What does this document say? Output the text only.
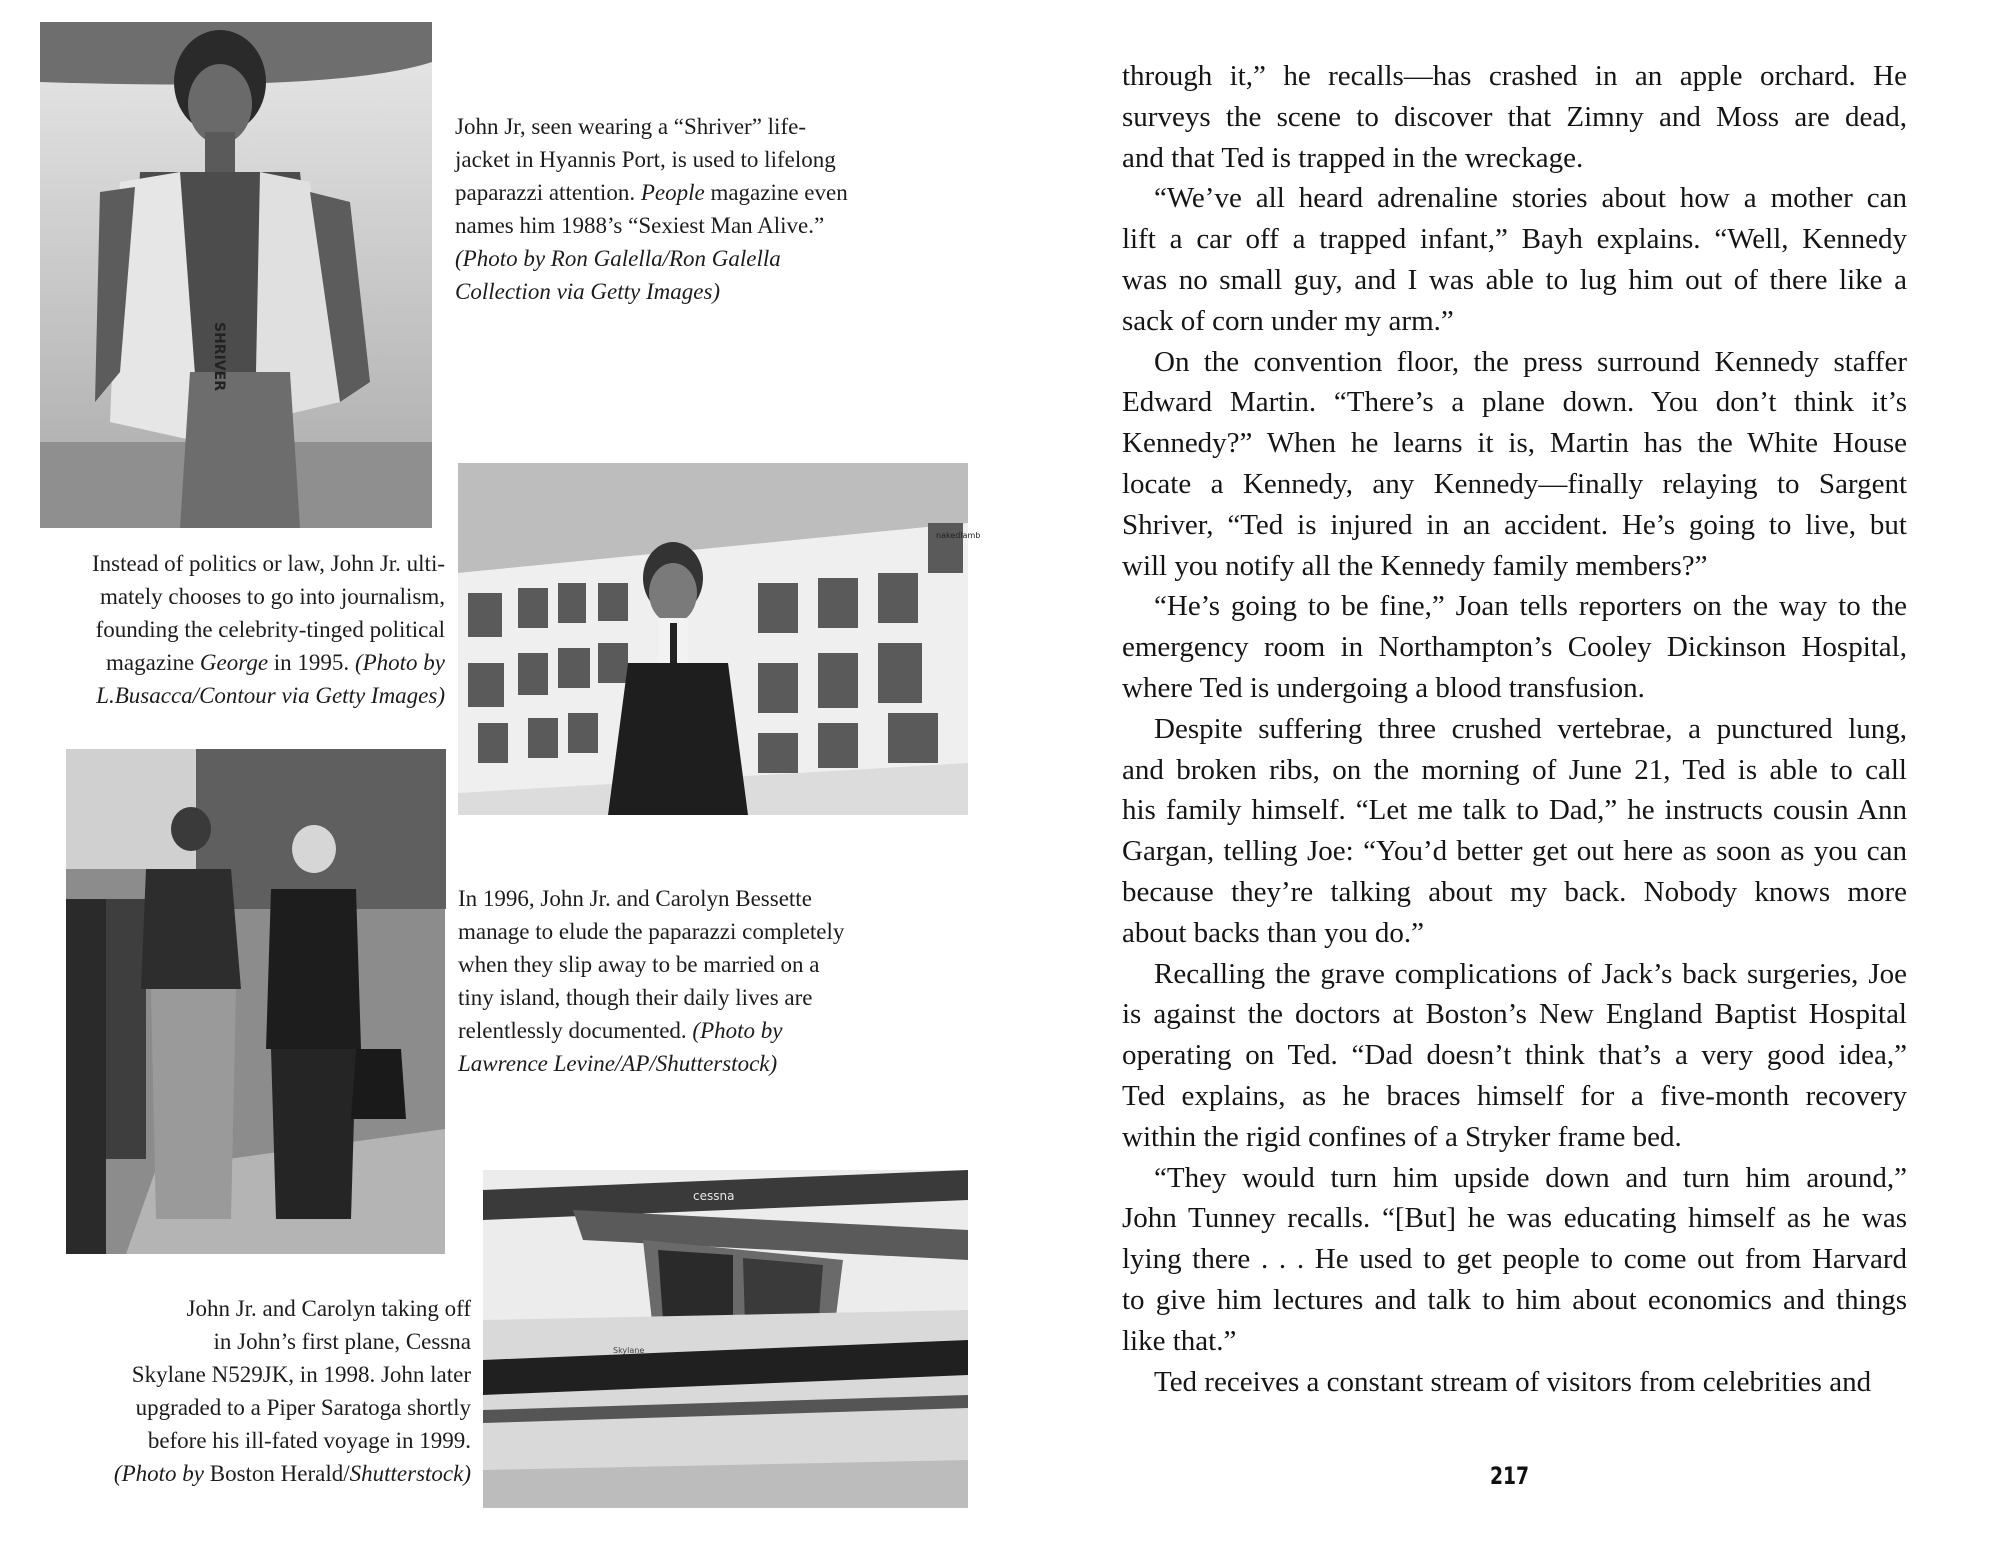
SHRIVER
John Jr, seen wearing a “Shriver” life-
jacket in Hyannis Port, is used to lifelong
paparazzi attention. People magazine even
names him 1988’s “Sexiest Man Alive.”
(Photo by Ron Galella/Ron Galella
Collection via Getty Images)
nakedlamb
Instead of politics or law, John Jr. ulti-
mately chooses to go into journalism,
founding the celebrity-tinged political
magazine George in 1995. (Photo by
L.Busacca/Contour via Getty Images)
In 1996, John Jr. and Carolyn Bessette
manage to elude the paparazzi completely
when they slip away to be married on a
tiny island, though their daily lives are
relentlessly documented. (Photo by
Lawrence Levine/AP/Shutterstock)
cessna
Skylane
John Jr. and Carolyn taking off
in John’s first plane, Cessna
Skylane N529JK, in 1998. John later
upgraded to a Piper Saratoga shortly
before his ill-fated voyage in 1999.
(Photo by Boston Herald/Shutterstock)
through it,” he recalls—has crashed in an apple orchard. He
surveys the scene to discover that Zimny and Moss are dead,
and that Ted is trapped in the wreckage.
“We’ve all heard adrenaline stories about how a mother can
lift a car off a trapped infant,” Bayh explains. “Well, Kennedy
was no small guy, and I was able to lug him out of there like a
sack of corn under my arm.”
On the convention floor, the press surround Kennedy staffer
Edward Martin. “There’s a plane down. You don’t think it’s
Kennedy?” When he learns it is, Martin has the White House
locate a Kennedy, any Kennedy—finally relaying to Sargent
Shriver, “Ted is injured in an accident. He’s going to live, but
will you notify all the Kennedy family members?”
“He’s going to be fine,” Joan tells reporters on the way to the
emergency room in Northampton’s Cooley Dickinson Hospital,
where Ted is undergoing a blood transfusion.
Despite suffering three crushed vertebrae, a punctured lung,
and broken ribs, on the morning of June 21, Ted is able to call
his family himself. “Let me talk to Dad,” he instructs cousin Ann
Gargan, telling Joe: “You’d better get out here as soon as you can
because they’re talking about my back. Nobody knows more
about backs than you do.”
Recalling the grave complications of Jack’s back surgeries, Joe
is against the doctors at Boston’s New England Baptist Hospital
operating on Ted. “Dad doesn’t think that’s a very good idea,”
Ted explains, as he braces himself for a five-month recovery
within the rigid confines of a Stryker frame bed.
“They would turn him upside down and turn him around,”
John Tunney recalls. “[But] he was educating himself as he was
lying there . . . He used to get people to come out from Harvard
to give him lectures and talk to him about economics and things
like that.”
Ted receives a constant stream of visitors from celebrities and
217
